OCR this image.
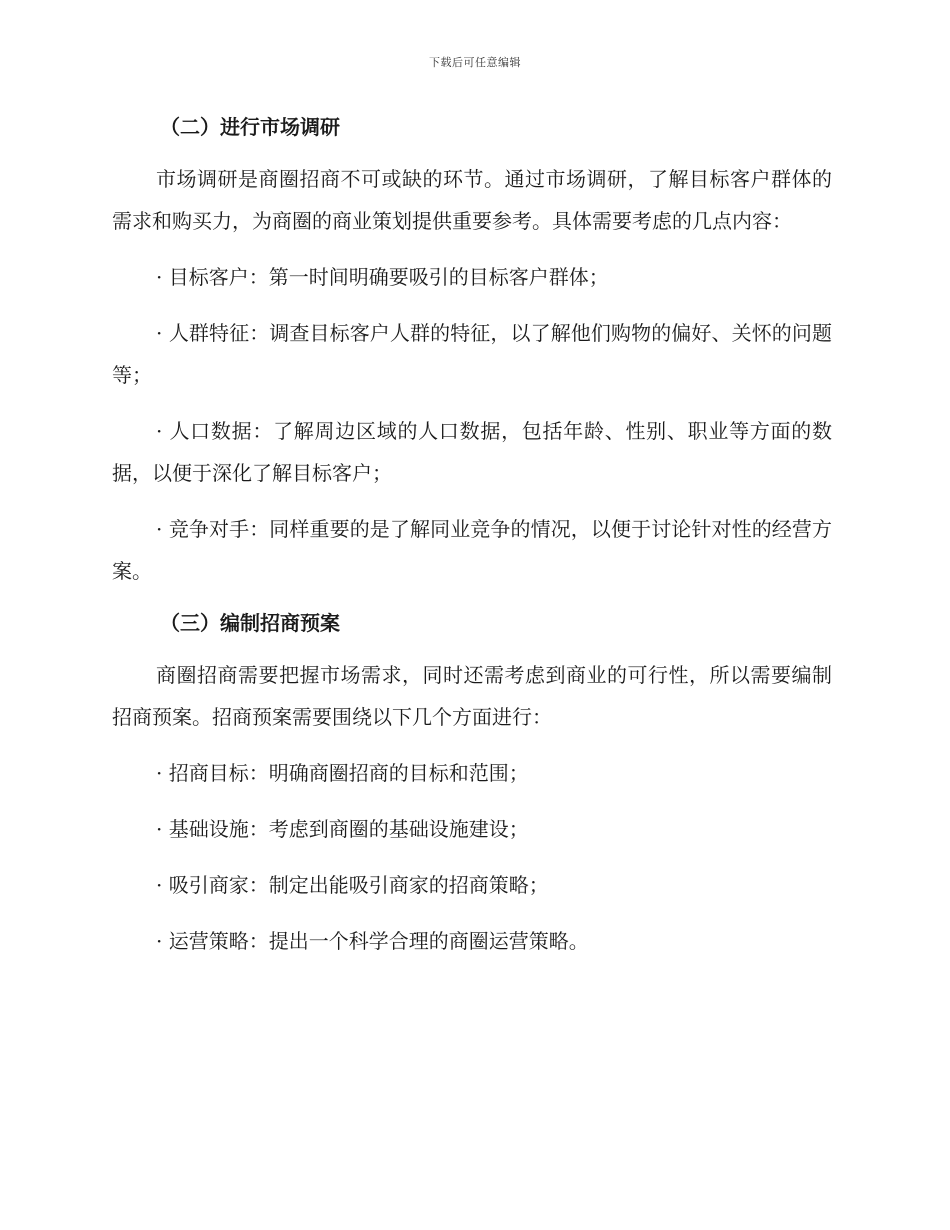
下载后可任意编辑
（二）进行市场调研

市场调研是商圈招商不可或缺的环节。通过市场调研，了解目标客户群体的需求和购买力，为商圈的商业策划提供重要参考。具体需要考虑的几点内容：

· 目标客户：第一时间明确要吸引的目标客户群体；

· 人群特征：调查目标客户人群的特征，以了解他们购物的偏好、关怀的问题等；

· 人口数据：了解周边区域的人口数据，包括年龄、性别、职业等方面的数据，以便于深化了解目标客户；

· 竞争对手：同样重要的是了解同业竞争的情况，以便于讨论针对性的经营方案。

（三）编制招商预案

商圈招商需要把握市场需求，同时还需考虑到商业的可行性，所以需要编制招商预案。招商预案需要围绕以下几个方面进行：

· 招商目标：明确商圈招商的目标和范围；

· 基础设施：考虑到商圈的基础设施建设；

· 吸引商家：制定出能吸引商家的招商策略；

· 运营策略：提出一个科学合理的商圈运营策略。
